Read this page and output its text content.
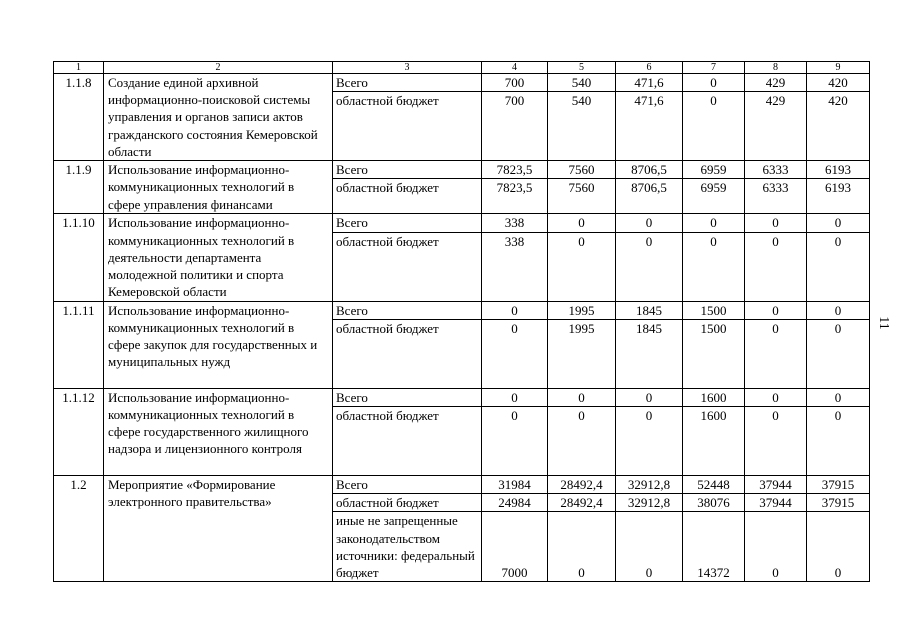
1	2	3	4	5	6	7	8	9
1.1.8	Создание единой архивной информационно-поисковой системы управления и органов записи актов гражданского состояния Кемеровской области	Всего	700	540	471,6	0	429	420
		областной бюджет	700	540	471,6	0	429	420
1.1.9	Использование информационно-коммуникационных технологий в сфере управления финансами	Всего	7823,5	7560	8706,5	6959	6333	6193
		областной бюджет	7823,5	7560	8706,5	6959	6333	6193
1.1.10	Использование информационно-коммуникационных технологий в деятельности департамента молодежной политики и спорта Кемеровской области	Всего	338	0	0	0	0	0
		областной бюджет	338	0	0	0	0	0
1.1.11	Использование информационно-коммуникационных технологий в сфере закупок для государственных и муниципальных нужд	Всего	0	1995	1845	1500	0	0
		областной бюджет	0	1995	1845	1500	0	0
1.1.12	Использование информационно-коммуникационных технологий в сфере государственного жилищного надзора и лицензионного контроля	Всего	0	0	0	1600	0	0
		областной бюджет	0	0	0	1600	0	0
1.2	Мероприятие «Формирование электронного правительства»	Всего	31984	28492,4	32912,8	52448	37944	37915
		областной бюджет	24984	28492,4	32912,8	38076	37944	37915
		иные не запрещенные законодательством источники: федеральный бюджет	7000	0	0	14372	0	0
11
